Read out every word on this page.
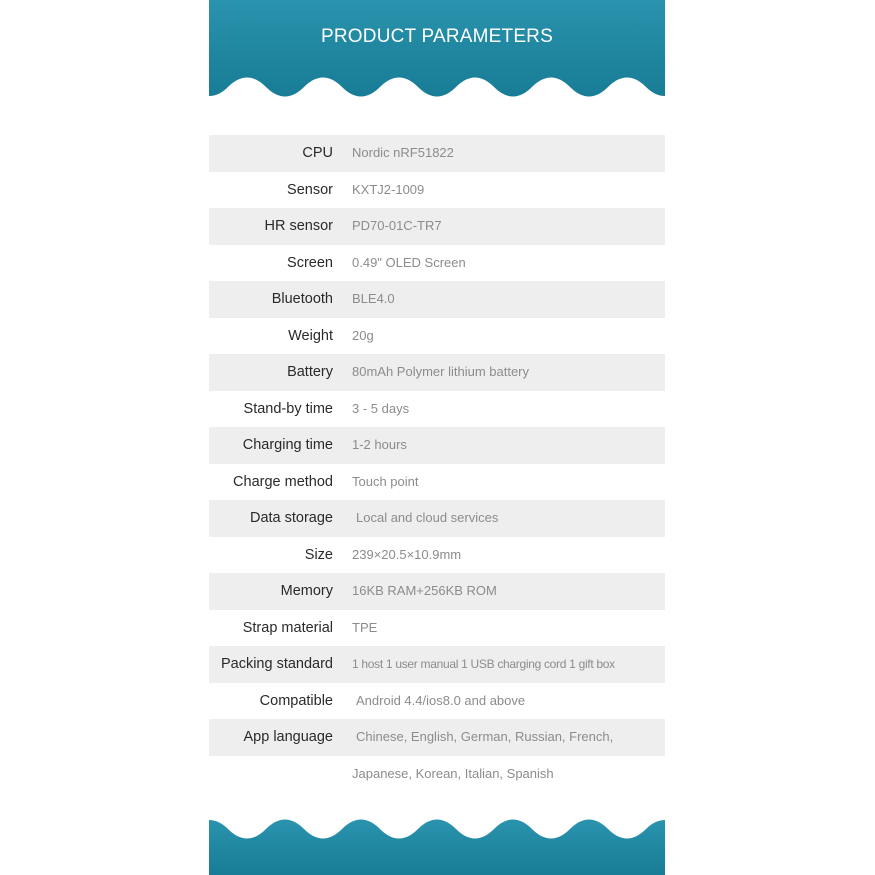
PRODUCT PARAMETERS
CPU Nordic nRF51822
Sensor KXTJ2-1009
HR sensor PD70-01C-TR7
Screen 0.49" OLED Screen
Bluetooth BLE4.0
Weight 20g
Battery 80mAh Polymer lithium battery
Stand-by time 3 - 5 days
Charging time 1-2 hours
Charge method Touch point
Data storage Local and cloud services
Size 239×20.5×10.9mm
Memory 16KB RAM+256KB ROM
Strap material TPE
Packing standard 1 host 1 user manual 1 USB charging cord 1 gift box
Compatible Android 4.4/ios8.0 and above
App language Chinese, English, German, Russian, French,
Japanese, Korean, Italian, Spanish
